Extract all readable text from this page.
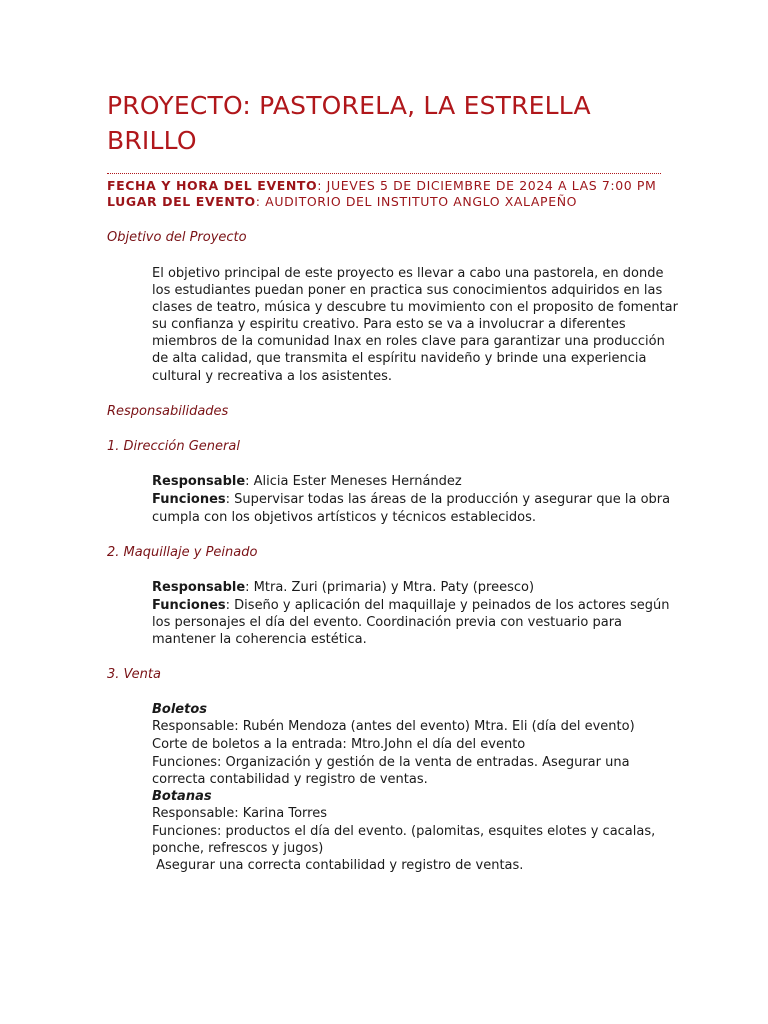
PROYECTO: PASTORELA, LA ESTRELLA
BRILLO
FECHA Y HORA DEL EVENTO: JUEVES 5 DE DICIEMBRE DE 2024 A LAS 7:00 PM
LUGAR DEL EVENTO: AUDITORIO DEL INSTITUTO ANGLO XALAPEÑO
Objetivo del Proyecto
El objetivo principal de este proyecto es llevar a cabo una pastorela, en donde
los estudiantes puedan poner en practica sus conocimientos adquiridos en las
clases de teatro, música y descubre tu movimiento con el proposito de fomentar
su confianza y espiritu creativo. Para esto se va a involucrar a diferentes
miembros de la comunidad Inax en roles clave para garantizar una producción
de alta calidad, que transmita el espíritu navideño y brinde una experiencia
cultural y recreativa a los asistentes.
Responsabilidades
1. Dirección General
Responsable: Alicia Ester Meneses Hernández
Funciones: Supervisar todas las áreas de la producción y asegurar que la obra
cumpla con los objetivos artísticos y técnicos establecidos.
2. Maquillaje y Peinado
Responsable: Mtra. Zuri (primaria) y Mtra. Paty (preesco)
Funciones: Diseño y aplicación del maquillaje y peinados de los actores según
los personajes el día del evento. Coordinación previa con vestuario para
mantener la coherencia estética.
3. Venta
Boletos
Responsable: Rubén Mendoza (antes del evento) Mtra. Eli (día del evento)
Corte de boletos a la entrada: Mtro.John el día del evento
Funciones: Organización y gestión de la venta de entradas. Asegurar una
correcta contabilidad y registro de ventas.
Botanas
Responsable: Karina Torres
Funciones: productos el día del evento. (palomitas, esquites elotes y cacalas,
ponche, refrescos y jugos)
Asegurar una correcta contabilidad y registro de ventas.
